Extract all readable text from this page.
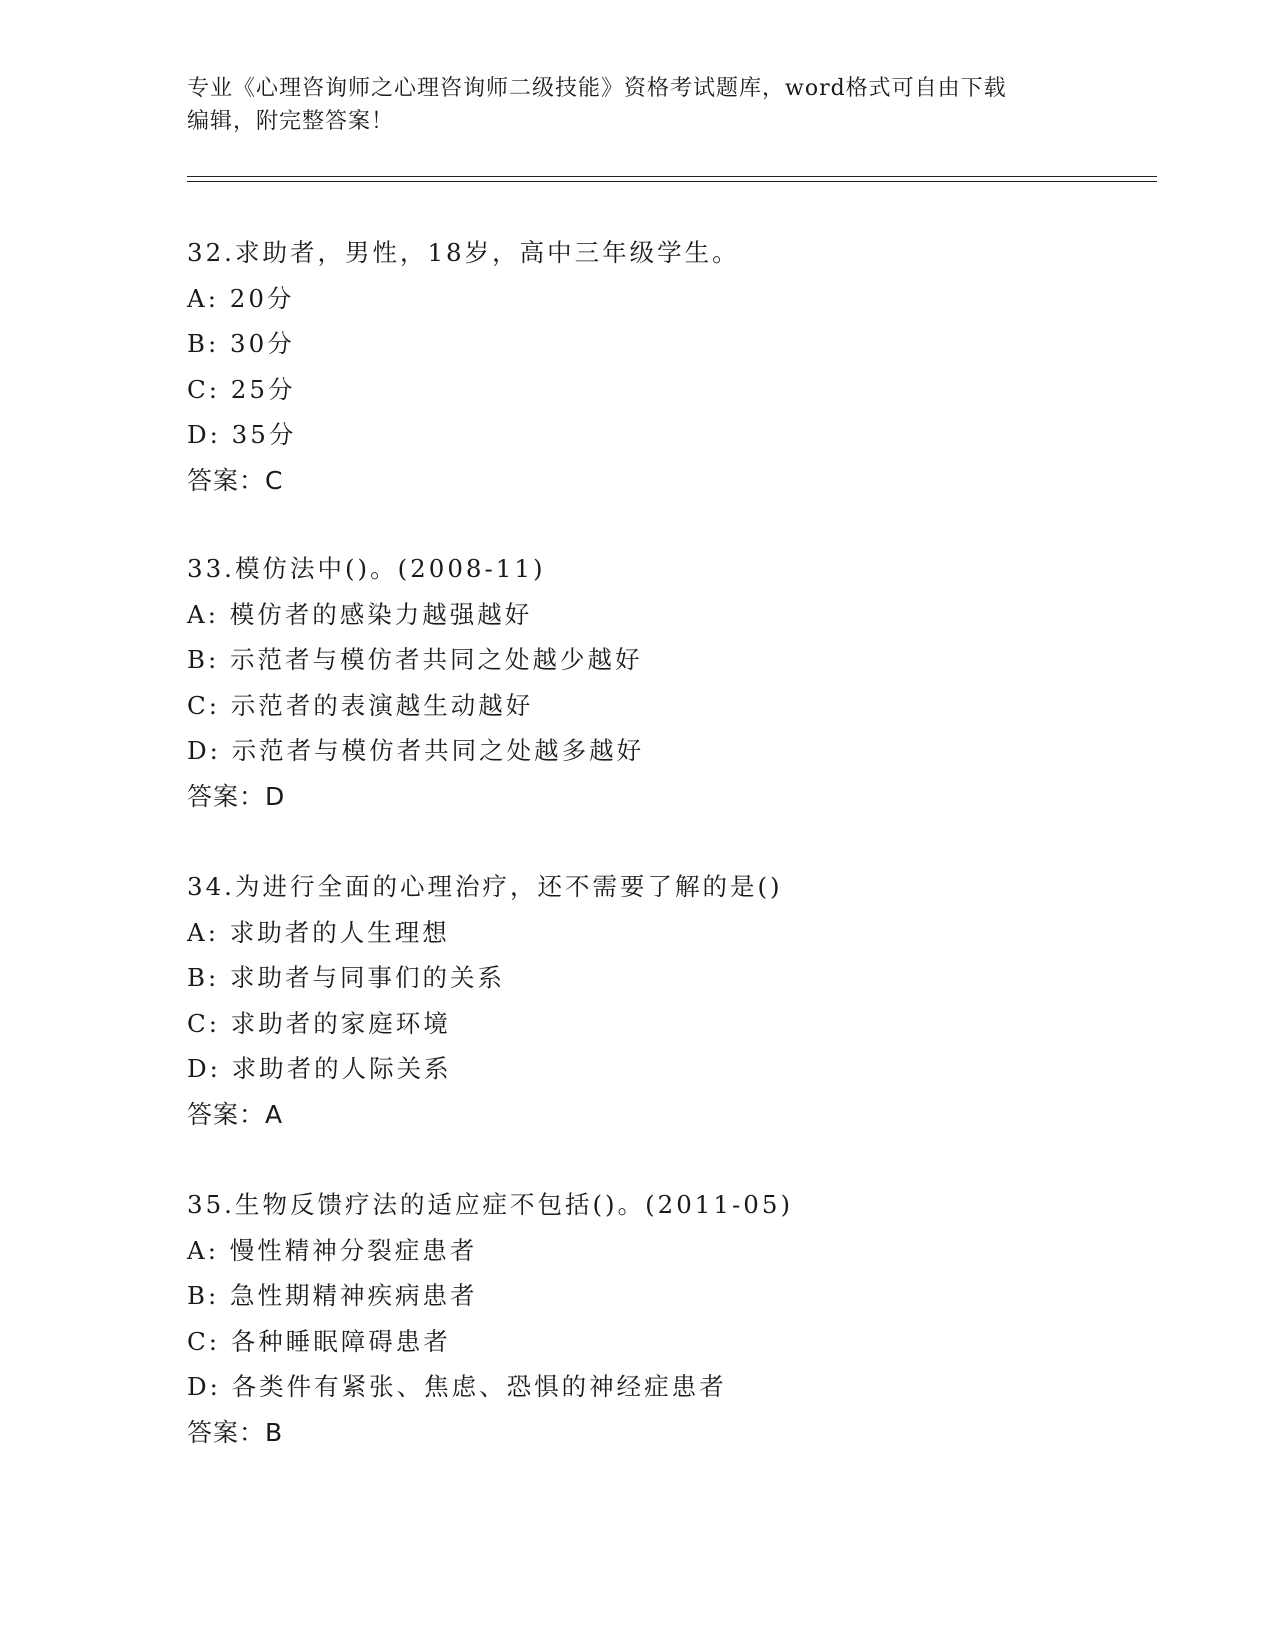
专业《心理咨询师之心理咨询师二级技能》资格考试题库，word格式可自由下载
编辑，附完整答案！
32.求助者，男性，18岁，高中三年级学生。
A: 20分
B: 30分
C: 25分
D: 35分
答案：C
33.模仿法中()。(2008-11)
A: 模仿者的感染力越强越好
B: 示范者与模仿者共同之处越少越好
C: 示范者的表演越生动越好
D: 示范者与模仿者共同之处越多越好
答案：D
34.为进行全面的心理治疗，还不需要了解的是()
A: 求助者的人生理想
B: 求助者与同事们的关系
C: 求助者的家庭环境
D: 求助者的人际关系
答案：A
35.生物反馈疗法的适应症不包括()。(2011-05)
A: 慢性精神分裂症患者
B: 急性期精神疾病患者
C: 各种睡眠障碍患者
D: 各类件有紧张、焦虑、恐惧的神经症患者
答案：B
